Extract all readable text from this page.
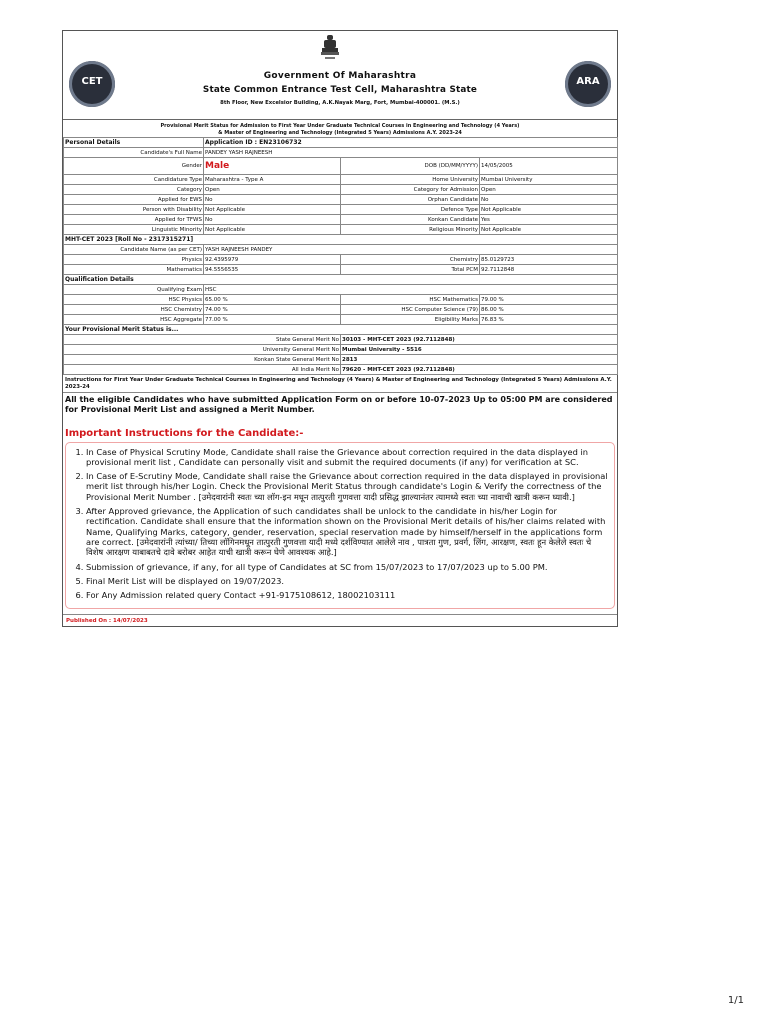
CET	Government Of Maharashtra
State Common Entrance Test Cell, Maharashtra State
8th Floor, New Excelsior Building, A.K.Nayak Marg, Fort, Mumbai-400001. (M.S.)
ARA
Provisional Merit Status for Admission to First Year Under Graduate Technical Courses in Engineering and Technology (4 Years)
& Master of Engineering and Technology (Integrated 5 Years) Admissions A.Y. 2023-24
Personal Details	Application ID : EN23106732		
Candidate's Full Name	PANDEY YASH RAJNEESH		
Gender	Male	DOB (DD/MM/YYYY)	14/05/2005
Candidature Type	Maharashtra - Type A	Home University	Mumbai University
Category	Open	Category for Admission	Open
Applied for EWS	No	Orphan Candidate	No
Person with Disability	Not Applicable	Defence Type	Not Applicable
Applied for TFWS	No	Konkan Candidate	Yes
Linguistic Minority	Not Applicable	Religious Minority	Not Applicable
MHT-CET 2023 [Roll No - 2317315271]			
Candidate Name (as per CET)	YASH RAJNEESH PANDEY		
Physics	92.4395979	Chemistry	85.0129723
Mathematics	94.5556535	Total PCM	92.7112848
Qualification Details			
Qualifying Exam	HSC		
HSC Physics	65.00 %	HSC Mathematics	79.00 %
HSC Chemistry	74.00 %	HSC Computer Science (79)	86.00 %
HSC Aggregate	77.00 %	Eligibility Marks	76.83 %
Your Provisional Merit Status is...			
State General Merit No		30103 - MHT-CET 2023 (92.7112848)	
University General Merit No		Mumbai University - 5516	
Konkan State General Merit No		2813	
All India Merit No		79620 - MHT-CET 2023 (92.7112848)	
Instructions for First Year Under Graduate Technical Courses in Engineering and Technology (4 Years) & Master of Engineering and Technology (Integrated 5 Years) Admissions A.Y. 2023-24
All the eligible Candidates who have submitted Application Form on or before 10-07-2023 Up to 05:00 PM are considered for Provisional Merit List and assigned a Merit Number.
Important Instructions for the Candidate:-
1. In Case of Physical Scrutiny Mode, Candidate shall raise the Grievance about correction required in the data displayed in provisional merit list , Candidate can personally visit and submit the required documents (if any) for verification at SC.
2. In Case of E-Scrutiny Mode, Candidate shall raise the Grievance about correction required in the data displayed in provisional merit list through his/her Login. Check the Provisional Merit Status through candidate's Login & Verify the correctness of the Provisional Merit Number . [उमेदवारांनी स्वतः च्या लॉग-इन मधून तात्पुरती गुणवत्ता यादी प्रसिद्ध झाल्यानंतर त्यामध्ये स्वतः च्या नावाची खात्री करून घ्यावी.]
3. After Approved grievance, the Application of such candidates shall be unlock to the candidate in his/her Login for rectification. Candidate shall ensure that the information shown on the Provisional Merit details of his/her claims related with Name, Qualifying Marks, category, gender, reservation, special reservation made by himself/herself in the applications form are correct. [उमेदवारांनी त्यांच्या/ तिच्या लॉगिनमधून तात्पुरती गुणवत्ता यादी मध्ये दर्शविण्यात आलेले नाव , पात्रता गुण, प्रवर्ग, लिंग, आरक्षण, स्वतः हून केलेले स्वतः चे विशेष आरक्षण याबाबतचे दावे बरोबर आहेत याची खात्री करून घेणे आवश्यक आहे.]
4. Submission of grievance, if any, for all type of Candidates at SC from 15/07/2023 to 17/07/2023 up to 5.00 PM.
5. Final Merit List will be displayed on 19/07/2023.
6. For Any Admission related query Contact +91-9175108612, 18002103111
Published On : 14/07/2023
1/1
